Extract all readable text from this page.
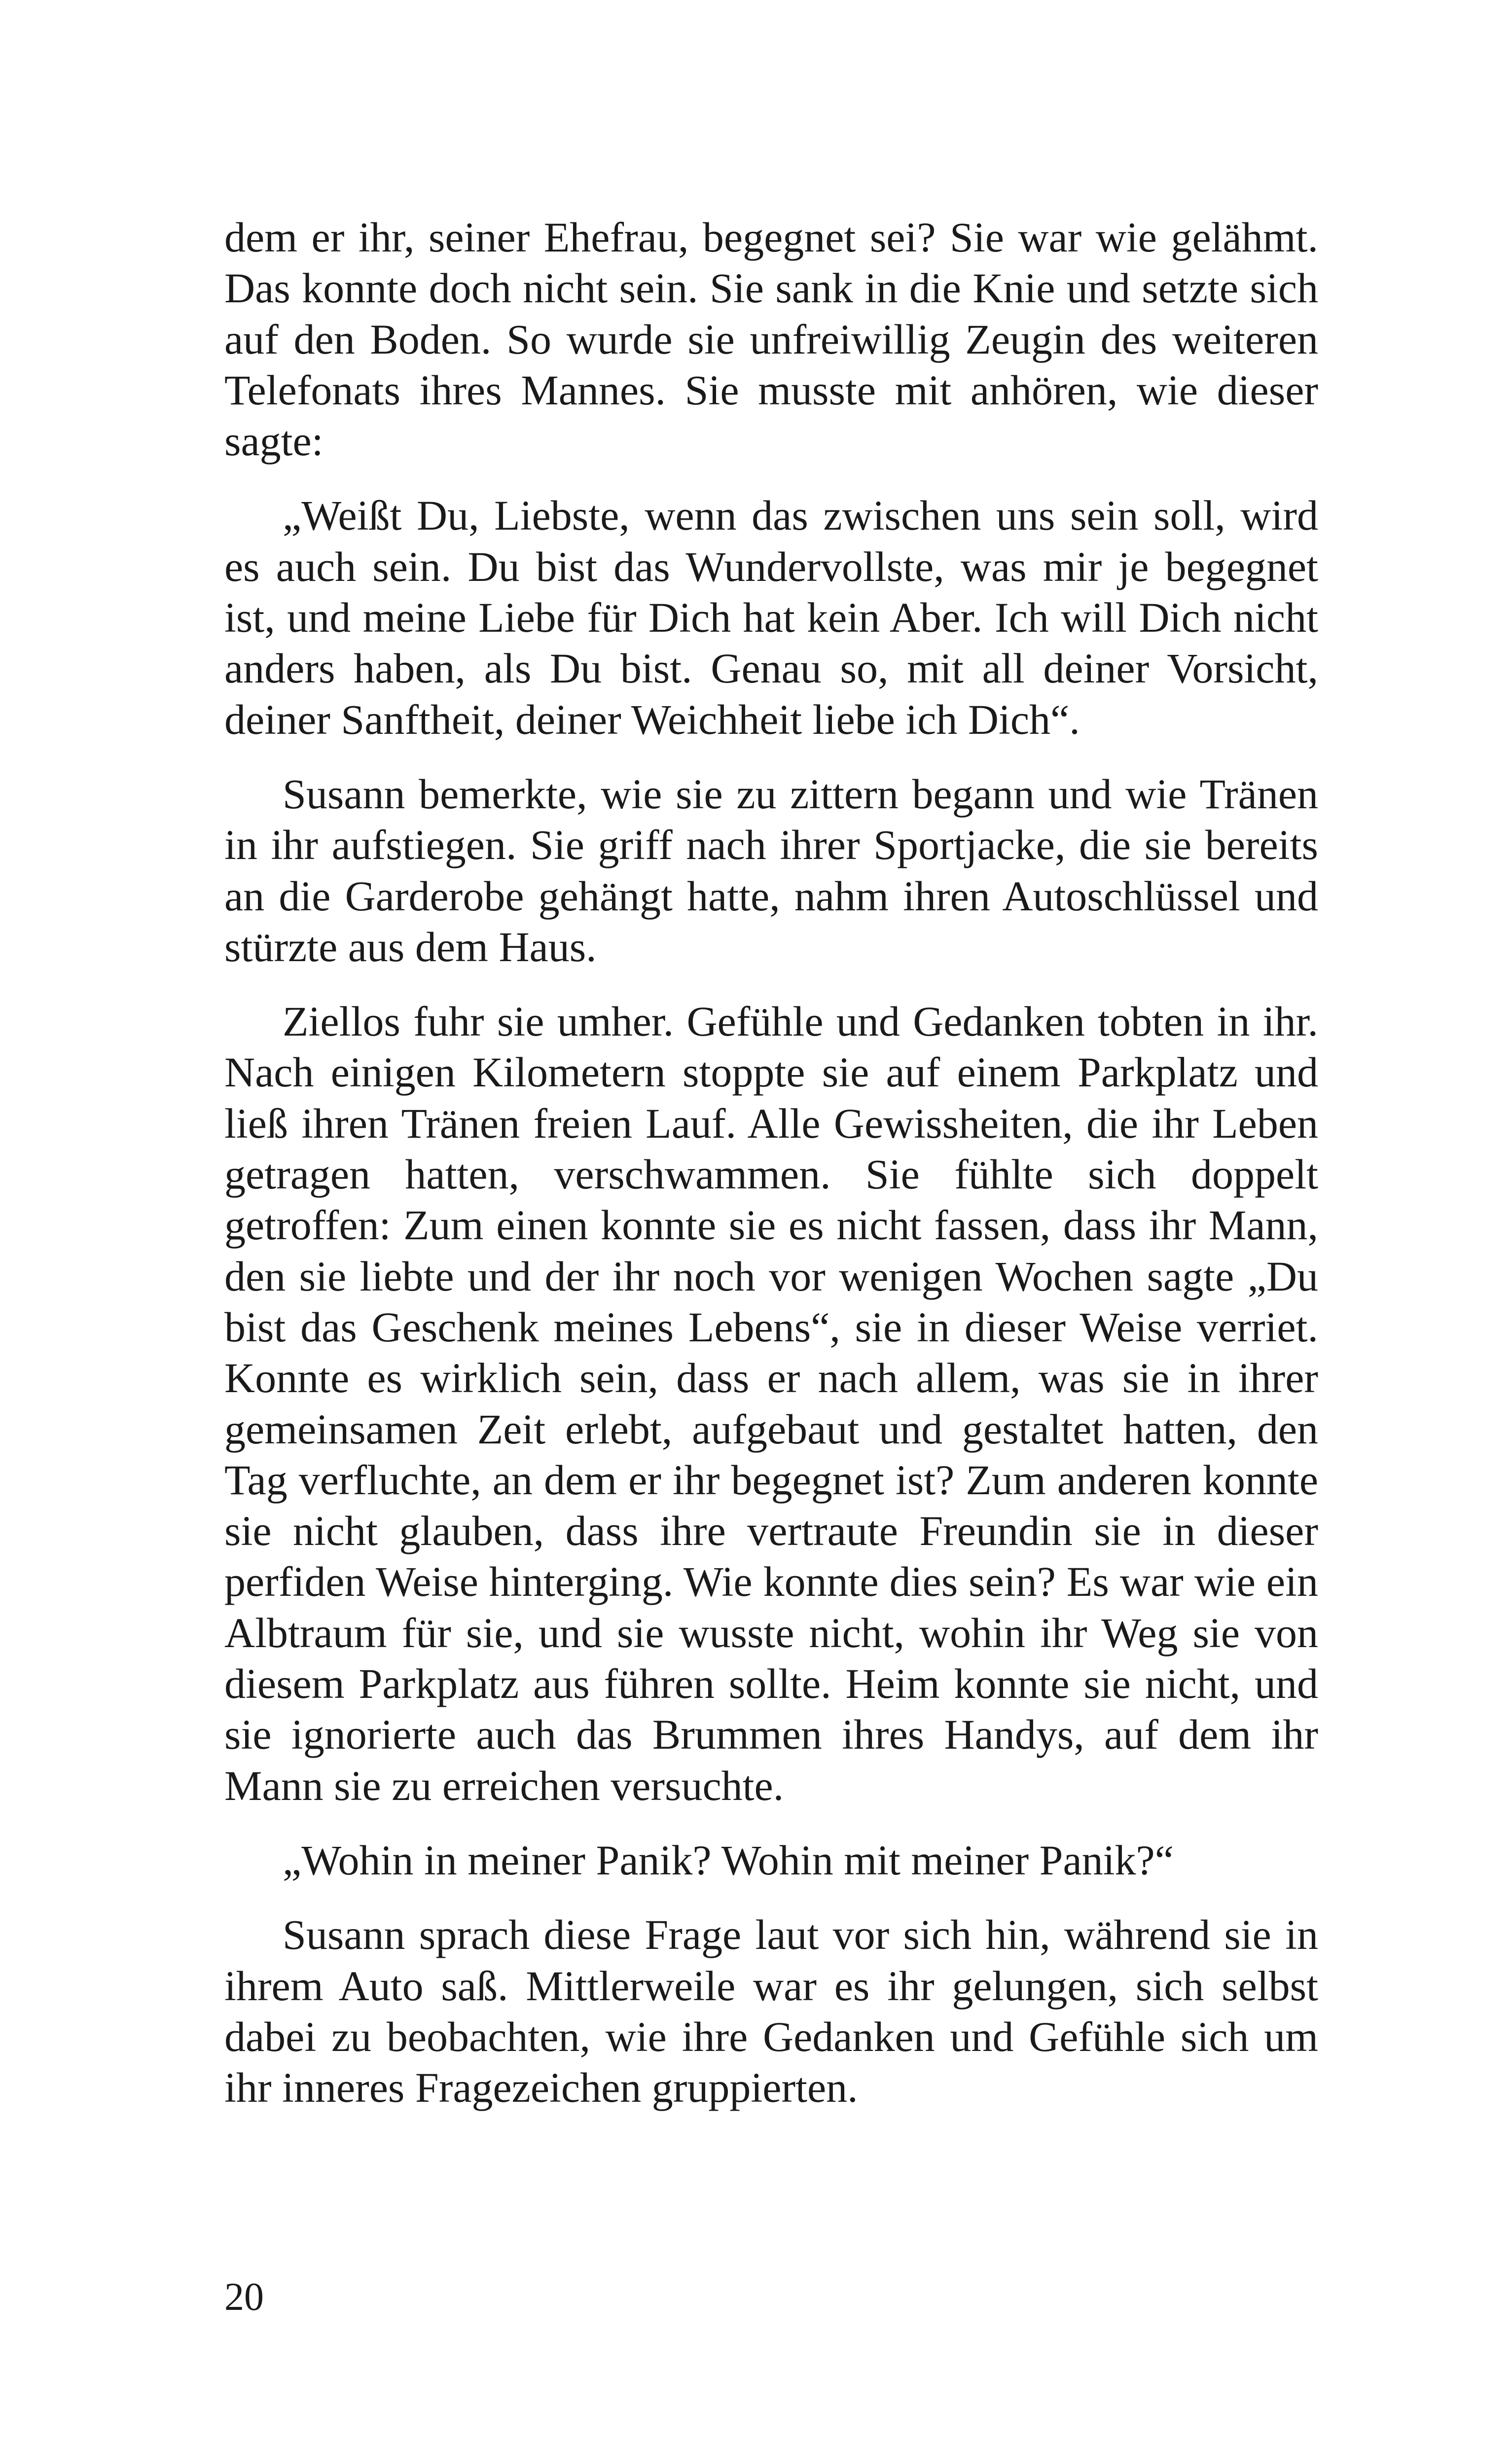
dem er ihr, seiner Ehefrau, begegnet sei? Sie war wie gelähmt. Das konnte doch nicht sein. Sie sank in die Knie und setzte sich auf den Boden. So wurde sie unfreiwillig Zeugin des weiteren Telefonats ihres Mannes. Sie musste mit anhören, wie dieser sagte:

„Weißt Du, Liebste, wenn das zwischen uns sein soll, wird es auch sein. Du bist das Wundervollste, was mir je begegnet ist, und meine Liebe für Dich hat kein Aber. Ich will Dich nicht anders haben, als Du bist. Genau so, mit all deiner Vorsicht, deiner Sanftheit, deiner Weichheit liebe ich Dich“.

Susann bemerkte, wie sie zu zittern begann und wie Tränen in ihr aufstiegen. Sie griff nach ihrer Sportjacke, die sie bereits an die Garderobe gehängt hatte, nahm ihren Autoschlüssel und stürzte aus dem Haus.

Ziellos fuhr sie umher. Gefühle und Gedanken tobten in ihr. Nach einigen Kilometern stoppte sie auf einem Parkplatz und ließ ihren Tränen freien Lauf. Alle Gewissheiten, die ihr Leben getragen hatten, verschwammen. Sie fühlte sich doppelt getroffen: Zum einen konnte sie es nicht fassen, dass ihr Mann, den sie liebte und der ihr noch vor wenigen Wochen sagte „Du bist das Geschenk meines Lebens“, sie in dieser Weise verriet. Konnte es wirklich sein, dass er nach allem, was sie in ihrer gemeinsamen Zeit erlebt, aufgebaut und gestaltet hatten, den Tag verfluchte, an dem er ihr begegnet ist? Zum anderen konnte sie nicht glauben, dass ihre vertraute Freundin sie in dieser perfiden Weise hinterging. Wie konnte dies sein? Es war wie ein Albtraum für sie, und sie wusste nicht, wohin ihr Weg sie von diesem Parkplatz aus führen sollte. Heim konnte sie nicht, und sie ignorierte auch das Brummen ihres Handys, auf dem ihr Mann sie zu erreichen versuchte.

„Wohin in meiner Panik? Wohin mit meiner Panik?“

Susann sprach diese Frage laut vor sich hin, während sie in ihrem Auto saß. Mittlerweile war es ihr gelungen, sich selbst dabei zu beobachten, wie ihre Gedanken und Gefühle sich um ihr inneres Fragezeichen gruppierten.

20
